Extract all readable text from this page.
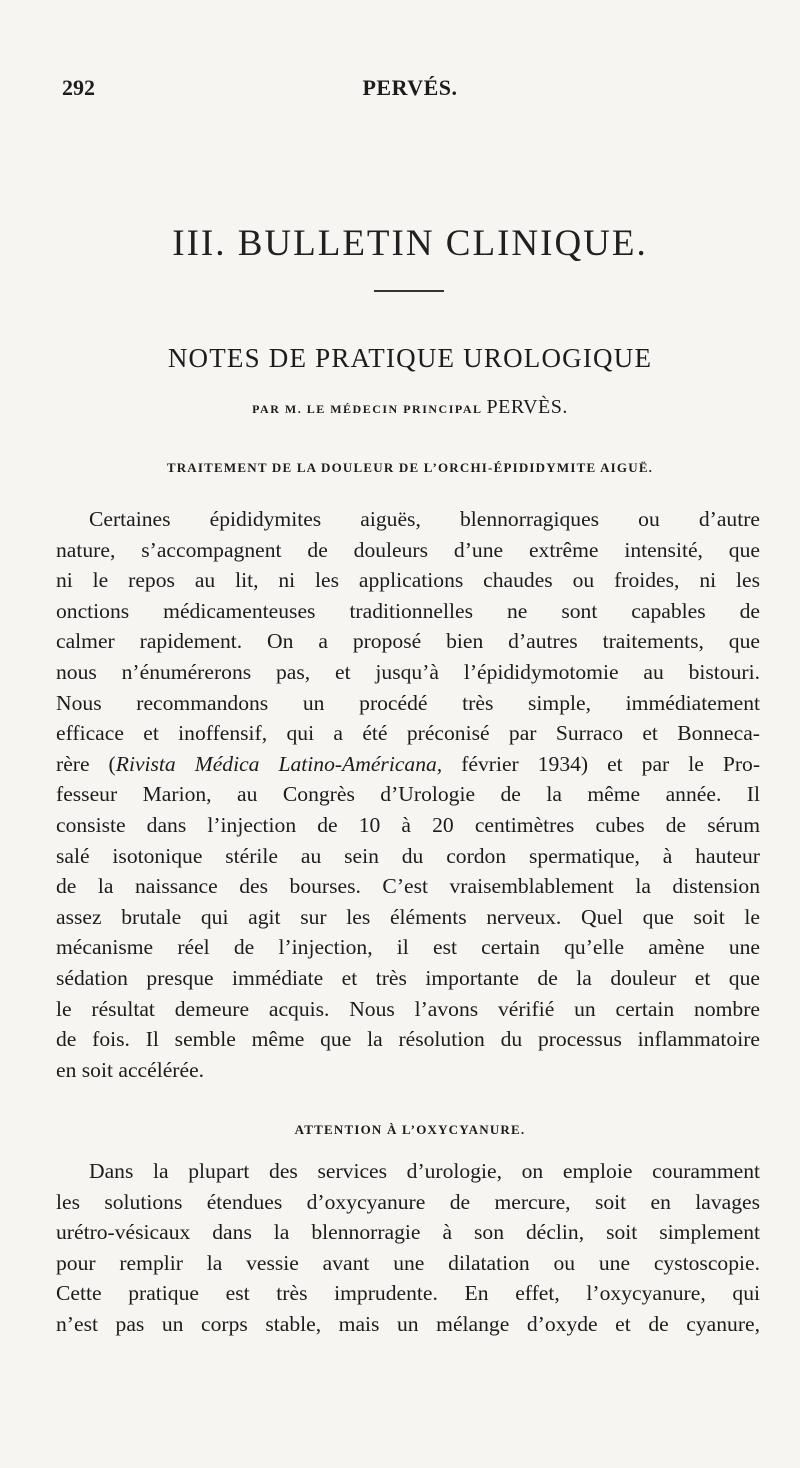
292	PERVÉS.
III. BULLETIN CLINIQUE.
NOTES DE PRATIQUE UROLOGIQUE
PAR M. LE MÉDECIN PRINCIPAL PERVÈS.
TRAITEMENT DE LA DOULEUR DE L’ORCHI-ÉPIDIDYMITE AIGUË.
Certaines épididymites aiguës, blennorragiques ou d’autre
nature, s’accompagnent de douleurs d’une extrême intensité, que
ni le repos au lit, ni les applications chaudes ou froides, ni les
onctions médicamenteuses traditionnelles ne sont capables de
calmer rapidement. On a proposé bien d’autres traitements, que
nous n’énumérerons pas, et jusqu’à l’épididymotomie au bistouri.
Nous recommandons un procédé très simple, immédiatement
efficace et inoffensif, qui a été préconisé par Surraco et Bonneca-
rère (Rivista Médica Latino-Américana, février 1934) et par le Pro-
fesseur Marion, au Congrès d’Urologie de la même année. Il
consiste dans l’injection de 10 à 20 centimètres cubes de sérum
salé isotonique stérile au sein du cordon spermatique, à hauteur
de la naissance des bourses. C’est vraisemblablement la distension
assez brutale qui agit sur les éléments nerveux. Quel que soit le
mécanisme réel de l’injection, il est certain qu’elle amène une
sédation presque immédiate et très importante de la douleur et que
le résultat demeure acquis. Nous l’avons vérifié un certain nombre
de fois. Il semble même que la résolution du processus inflammatoire
en soit accélérée.
ATTENTION À L’OXYCYANURE.
Dans la plupart des services d’urologie, on emploie couramment
les solutions étendues d’oxycyanure de mercure, soit en lavages
urétro-vésicaux dans la blennorragie à son déclin, soit simplement
pour remplir la vessie avant une dilatation ou une cystoscopie.
Cette pratique est très imprudente. En effet, l’oxycyanure, qui
n’est pas un corps stable, mais un mélange d’oxyde et de cyanure,
